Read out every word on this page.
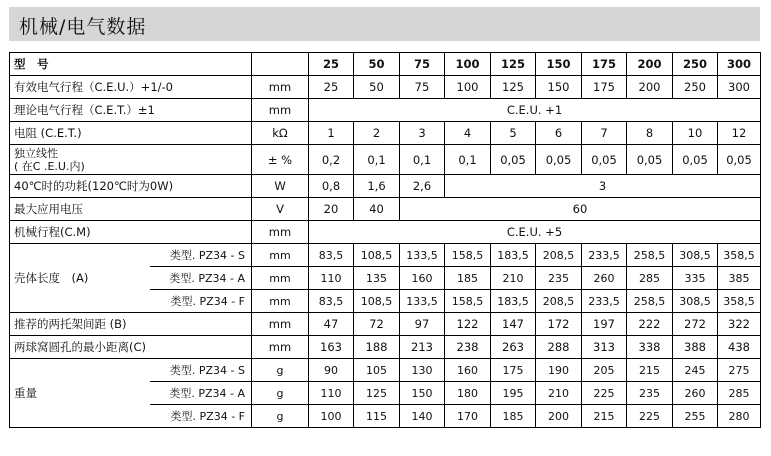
机械/电气数据
型　号			25	50	75	100	125	150	175	200	250	300
有效电气行程（C.E.U.）+1/-0		mm	25	50	75	100	125	150	175	200	250	300
理论电气行程（C.E.T.）±1		mm	C.E.U. +1									
电阻 (C.E.T.)		kΩ	1	2	3	4	5	6	7	8	10	12

独立线性
( 在C .E.U.内)		± %	0,2	0,1	0,1	0,1	0,05	0,05	0,05	0,05	0,05	0,05
40℃时的功耗(120℃时为0W)		W	0,8	1,6	2,6	3						
最大应用电压		V	20	40	60							
机械行程(C.M)		mm	C.E.U. +5									
壳体长度　(A)	类型. PZ34 - S	mm	83,5	108,5	133,5	158,5	183,5	208,5	233,5	258,5	308,5	358,5
	类型. PZ34 - A	mm	110	135	160	185	210	235	260	285	335	385
	类型. PZ34 - F	mm	83,5	108,5	133,5	158,5	183,5	208,5	233,5	258,5	308,5	358,5
推荐的两托架间距 (B)		mm	47	72	97	122	147	172	197	222	272	322
两球窝圆孔的最小距离(C)		mm	163	188	213	238	263	288	313	338	388	438
重量	类型. PZ34 - S	g	90	105	130	160	175	190	205	215	245	275
	类型. PZ34 - A	g	110	125	150	180	195	210	225	235	260	285
	类型. PZ34 - F	g	100	115	140	170	185	200	215	225	255	280
